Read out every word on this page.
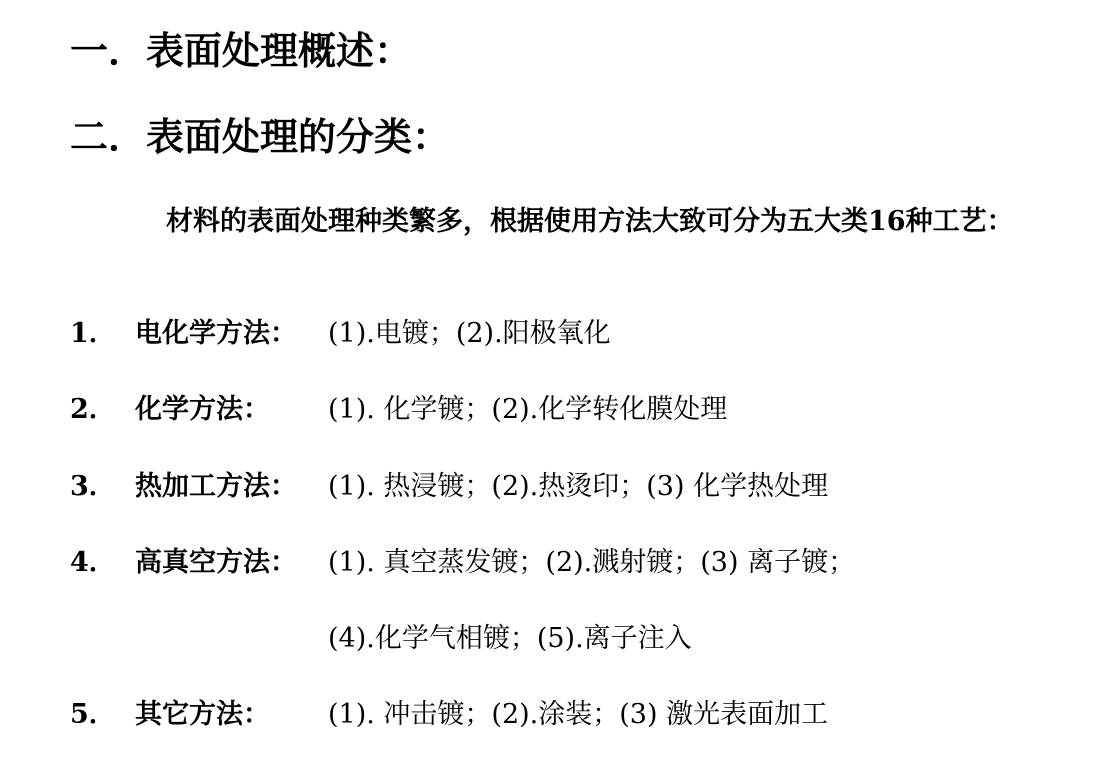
一．表面处理概述：
二．表面处理的分类：

材料的表面处理种类繁多，根据使用方法大致可分为五大类16种工艺：

1． 电化学方法： (1).电镀；(2).阳极氧化
2． 化学方法： (1). 化学镀；(2).化学转化膜处理
3． 热加工方法： (1). 热浸镀；(2).热烫印；(3) 化学热处理
4． 高真空方法： (1). 真空蒸发镀；(2).溅射镀；(3) 离子镀；
(4).化学气相镀；(5).离子注入
5． 其它方法： (1). 冲击镀；(2).涂装；(3) 激光表面加工
